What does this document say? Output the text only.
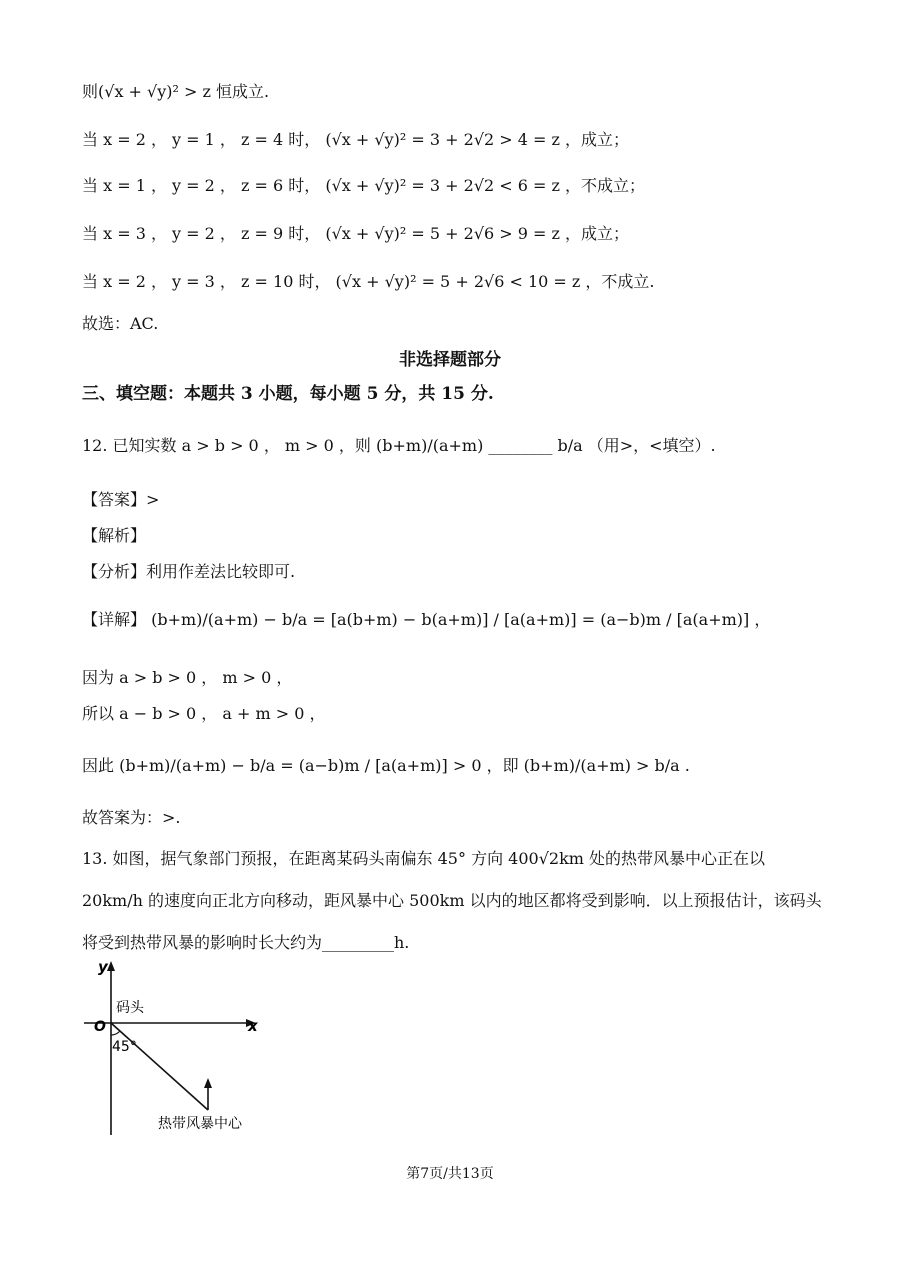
则(√x + √y)² > z 恒成立.
当 x = 2 ， y = 1 ， z = 4 时， (√x + √y)² = 3 + 2√2 > 4 = z ，成立；
当 x = 1 ， y = 2 ， z = 6 时， (√x + √y)² = 3 + 2√2 < 6 = z ，不成立；
当 x = 3 ， y = 2 ， z = 9 时， (√x + √y)² = 5 + 2√6 > 9 = z ，成立；
当 x = 2 ， y = 3 ， z = 10 时， (√x + √y)² = 5 + 2√6 < 10 = z ，不成立.
故选：AC.
非选择题部分
三、填空题：本题共 3 小题，每小题 5 分，共 15 分.
12. 已知实数 a > b > 0 ， m > 0 ，则 (b+m)/(a+m) ________ b/a （用>，<填空）.
【答案】>
【解析】
【分析】利用作差法比较即可.
【详解】 (b+m)/(a+m) − b/a = [a(b+m) − b(a+m)] / [a(a+m)] = (a−b)m / [a(a+m)] ，
因为 a > b > 0 ， m > 0 ，
所以 a − b > 0 ， a + m > 0 ，
因此 (b+m)/(a+m) − b/a = (a−b)m / [a(a+m)] > 0 ，即 (b+m)/(a+m) > b/a .
故答案为：>.
13. 如图，据气象部门预报，在距离某码头南偏东 45° 方向 400√2km 处的热带风暴中心正在以 20km/h 的速度向正北方向移动，距风暴中心 500km 以内的地区都将受到影响．以上预报估计，该码头将受到热带风暴的影响时长大约为_________h.
y
x
O
码头
45°
热带风暴中心
第7页/共13页
